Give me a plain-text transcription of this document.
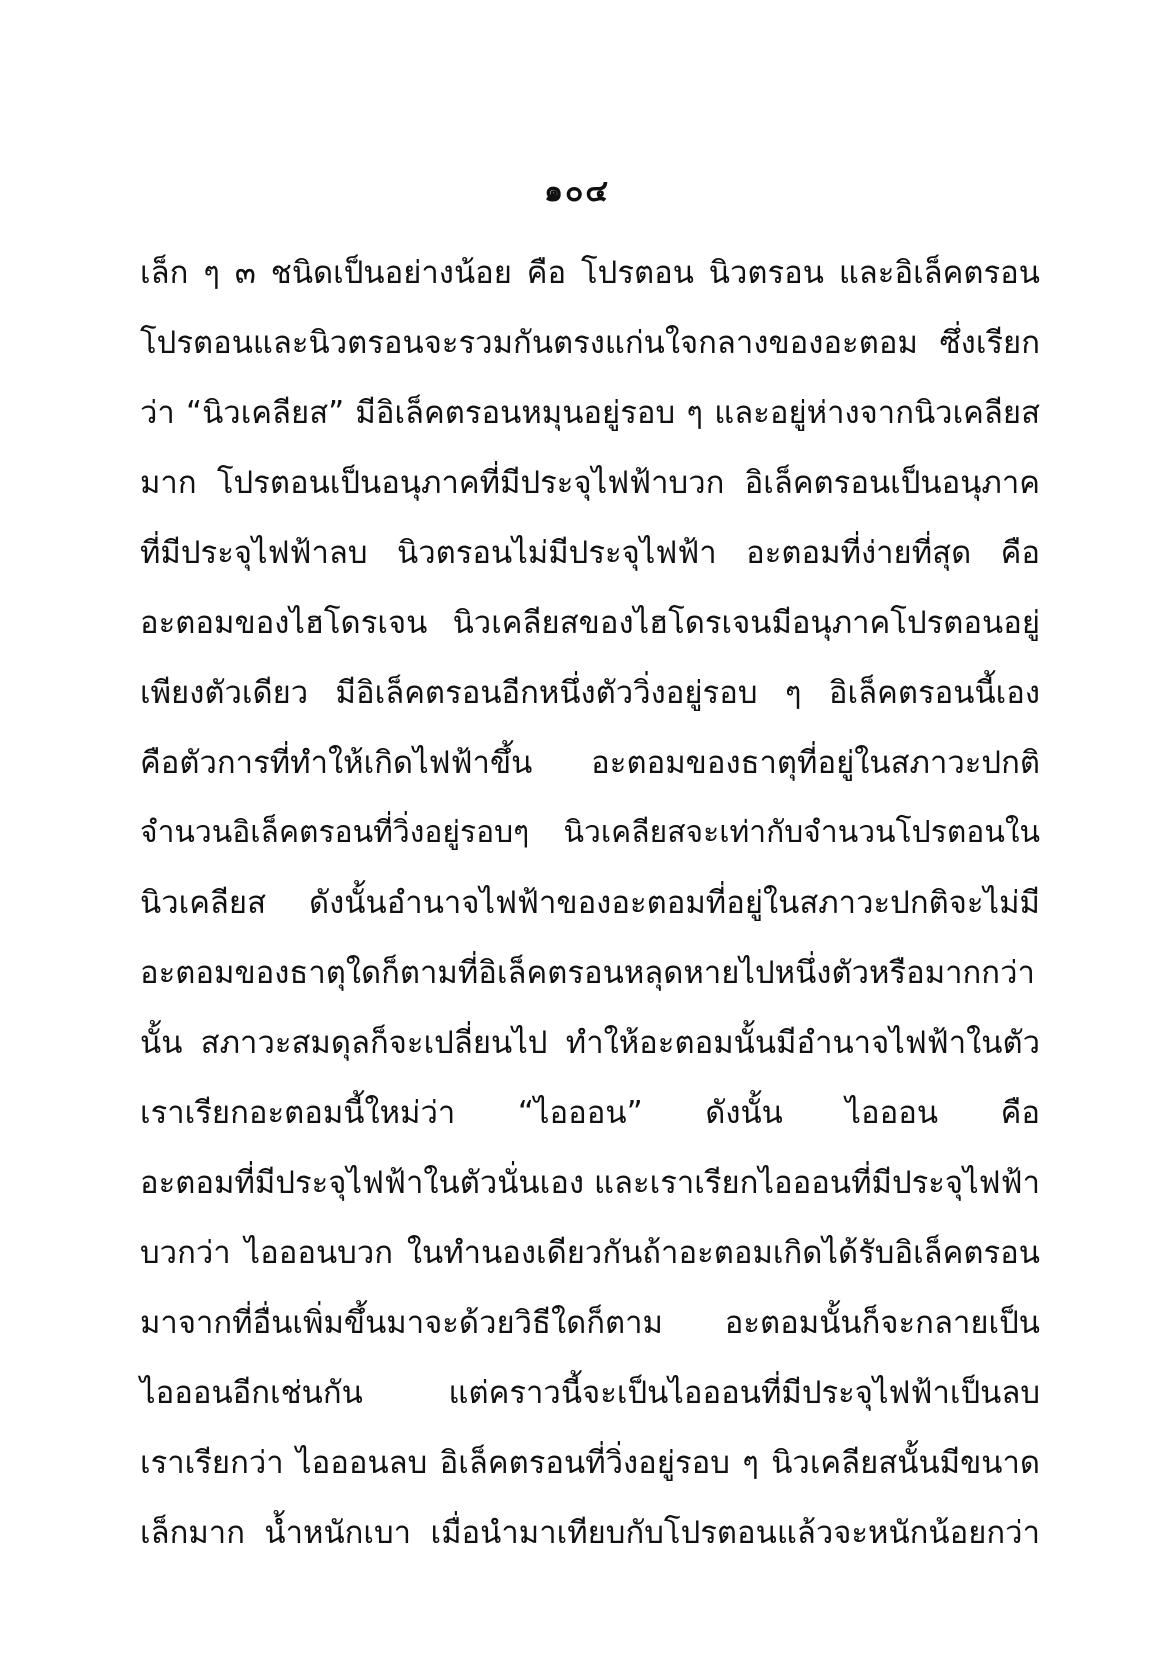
๑๐๔
เล็ก ๆ ๓ ชนิดเป็นอย่างน้อย คือ โปรตอน นิวตรอน และอิเล็คตรอน
โปรตอนและนิวตรอนจะรวมกันตรงแก่นใจกลางของอะตอม ซึ่งเรียก
ว่า “นิวเคลียส” มีอิเล็คตรอนหมุนอยู่รอบ ๆ และอยู่ห่างจากนิวเคลียส
มาก โปรตอนเป็นอนุภาคที่มีประจุไฟฟ้าบวก อิเล็คตรอนเป็นอนุภาค
ที่มีประจุไฟฟ้าลบ นิวตรอนไม่มีประจุไฟฟ้า อะตอมที่ง่ายที่สุด คือ
อะตอมของไฮโดรเจน นิวเคลียสของไฮโดรเจนมีอนุภาคโปรตอนอยู่
เพียงตัวเดียว มีอิเล็คตรอนอีกหนึ่งตัววิ่งอยู่รอบ ๆ อิเล็คตรอนนี้เอง
คือตัวการที่ทำให้เกิดไฟฟ้าขึ้น อะตอมของธาตุที่อยู่ในสภาวะปกติ
จำนวนอิเล็คตรอนที่วิ่งอยู่รอบๆ นิวเคลียสจะเท่ากับจำนวนโปรตอนใน
นิวเคลียส ดังนั้นอำนาจไฟฟ้าของอะตอมที่อยู่ในสภาวะปกติจะไม่มี
อะตอมของธาตุใดก็ตามที่อิเล็คตรอนหลุดหายไปหนึ่งตัวหรือมากกว่า
นั้น สภาวะสมดุลก็จะเปลี่ยนไป ทำให้อะตอมนั้นมีอำนาจไฟฟ้าในตัว
เราเรียกอะตอมนี้ใหม่ว่า “ไอออน” ดังนั้น ไอออน คือ
อะตอมที่มีประจุไฟฟ้าในตัวนั่นเอง และเราเรียกไอออนที่มีประจุไฟฟ้า
บวกว่า ไอออนบวก ในทำนองเดียวกันถ้าอะตอมเกิดได้รับอิเล็คตรอน
มาจากที่อื่นเพิ่มขึ้นมาจะด้วยวิธีใดก็ตาม อะตอมนั้นก็จะกลายเป็น
ไอออนอีกเช่นกัน แต่คราวนี้จะเป็นไอออนที่มีประจุไฟฟ้าเป็นลบ
เราเรียกว่า ไอออนลบ อิเล็คตรอนที่วิ่งอยู่รอบ ๆ นิวเคลียสนั้นมีขนาด
เล็กมาก น้ำหนักเบา เมื่อนำมาเทียบกับโปรตอนแล้วจะหนักน้อยกว่า
